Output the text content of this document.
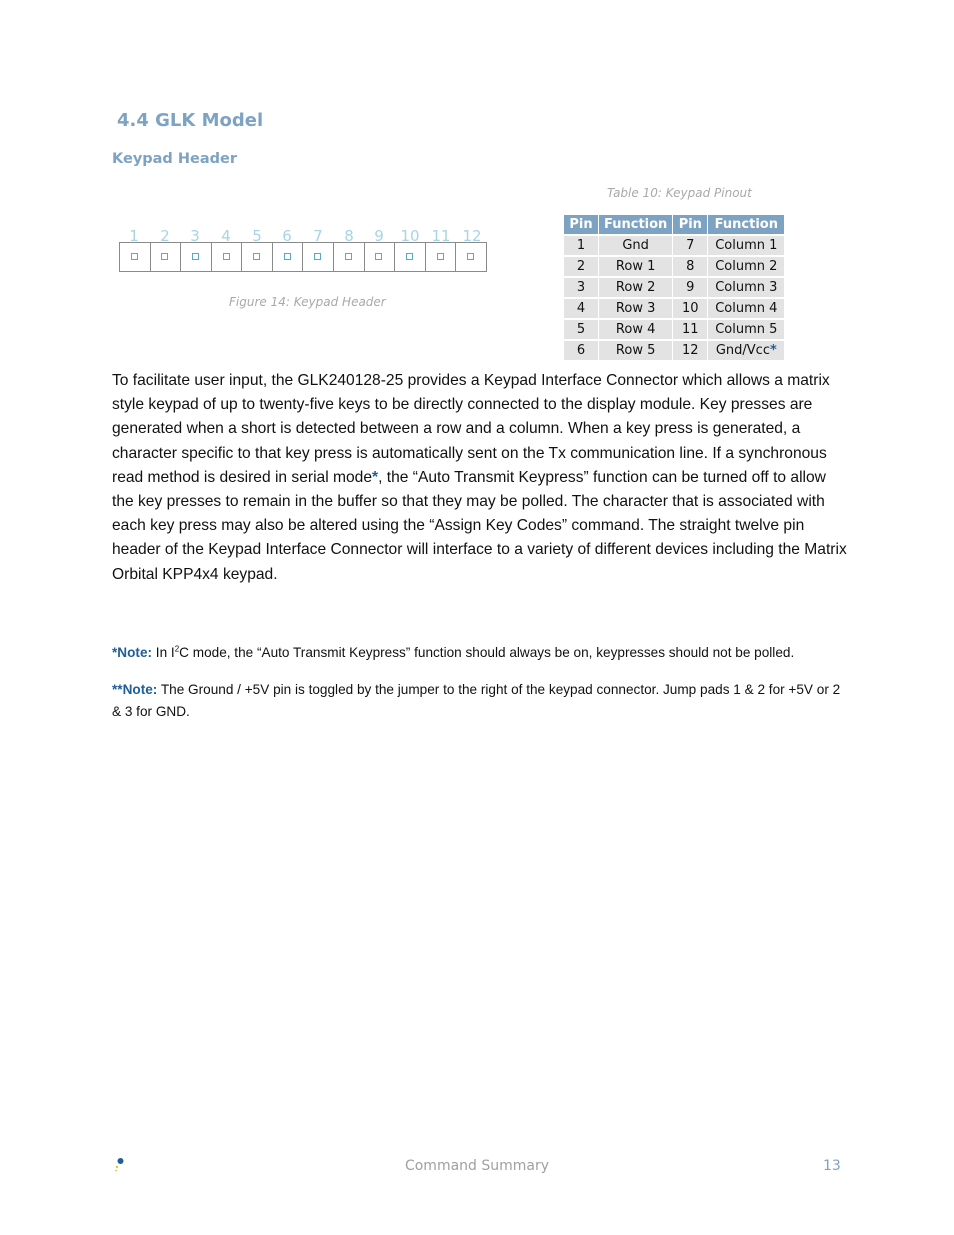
4.4 GLK Model
Keypad Header
Table 10: Keypad Pinout
1	2	3	4	5	6	7	8	9	10 11 12
Figure 14: Keypad Header
Pin	Function	Pin	Function
1	Gnd	7	Column 1
2	Row 1	8	Column 2
3	Row 2	9	Column 3
4	Row 3	10	Column 4
5	Row 4	11	Column 5
6	Row 5	12	Gnd/Vcc*

To facilitate user input, the GLK240128-25 provides a Keypad Interface Connector which allows a matrix style keypad of up to twenty-five keys to be directly connected to the display module. Key presses are generated when a short is detected between a row and a column. When a key press is generated, a character specific to that key press is automatically sent on the Tx communication line. If a synchronous read method is desired in serial mode*, the “Auto Transmit Keypress” function can be turned off to allow the key presses to remain in the buffer so that they may be polled. The character that is associated with each key press may also be altered using the “Assign Key Codes” command. The straight twelve pin header of the Keypad Interface Connector will interface to a variety of different devices including the Matrix Orbital KPP4x4 keypad.

*Note: In $I^2C$ mode, the “Auto Transmit Keypress” function should always be on, keypresses should not be polled.

**Note: The Ground / +5V pin is toggled by the jumper to the right of the keypad connector. Jump pads 1 & 2 for +5V or 2 & 3 for GND.

Command Summary	13
